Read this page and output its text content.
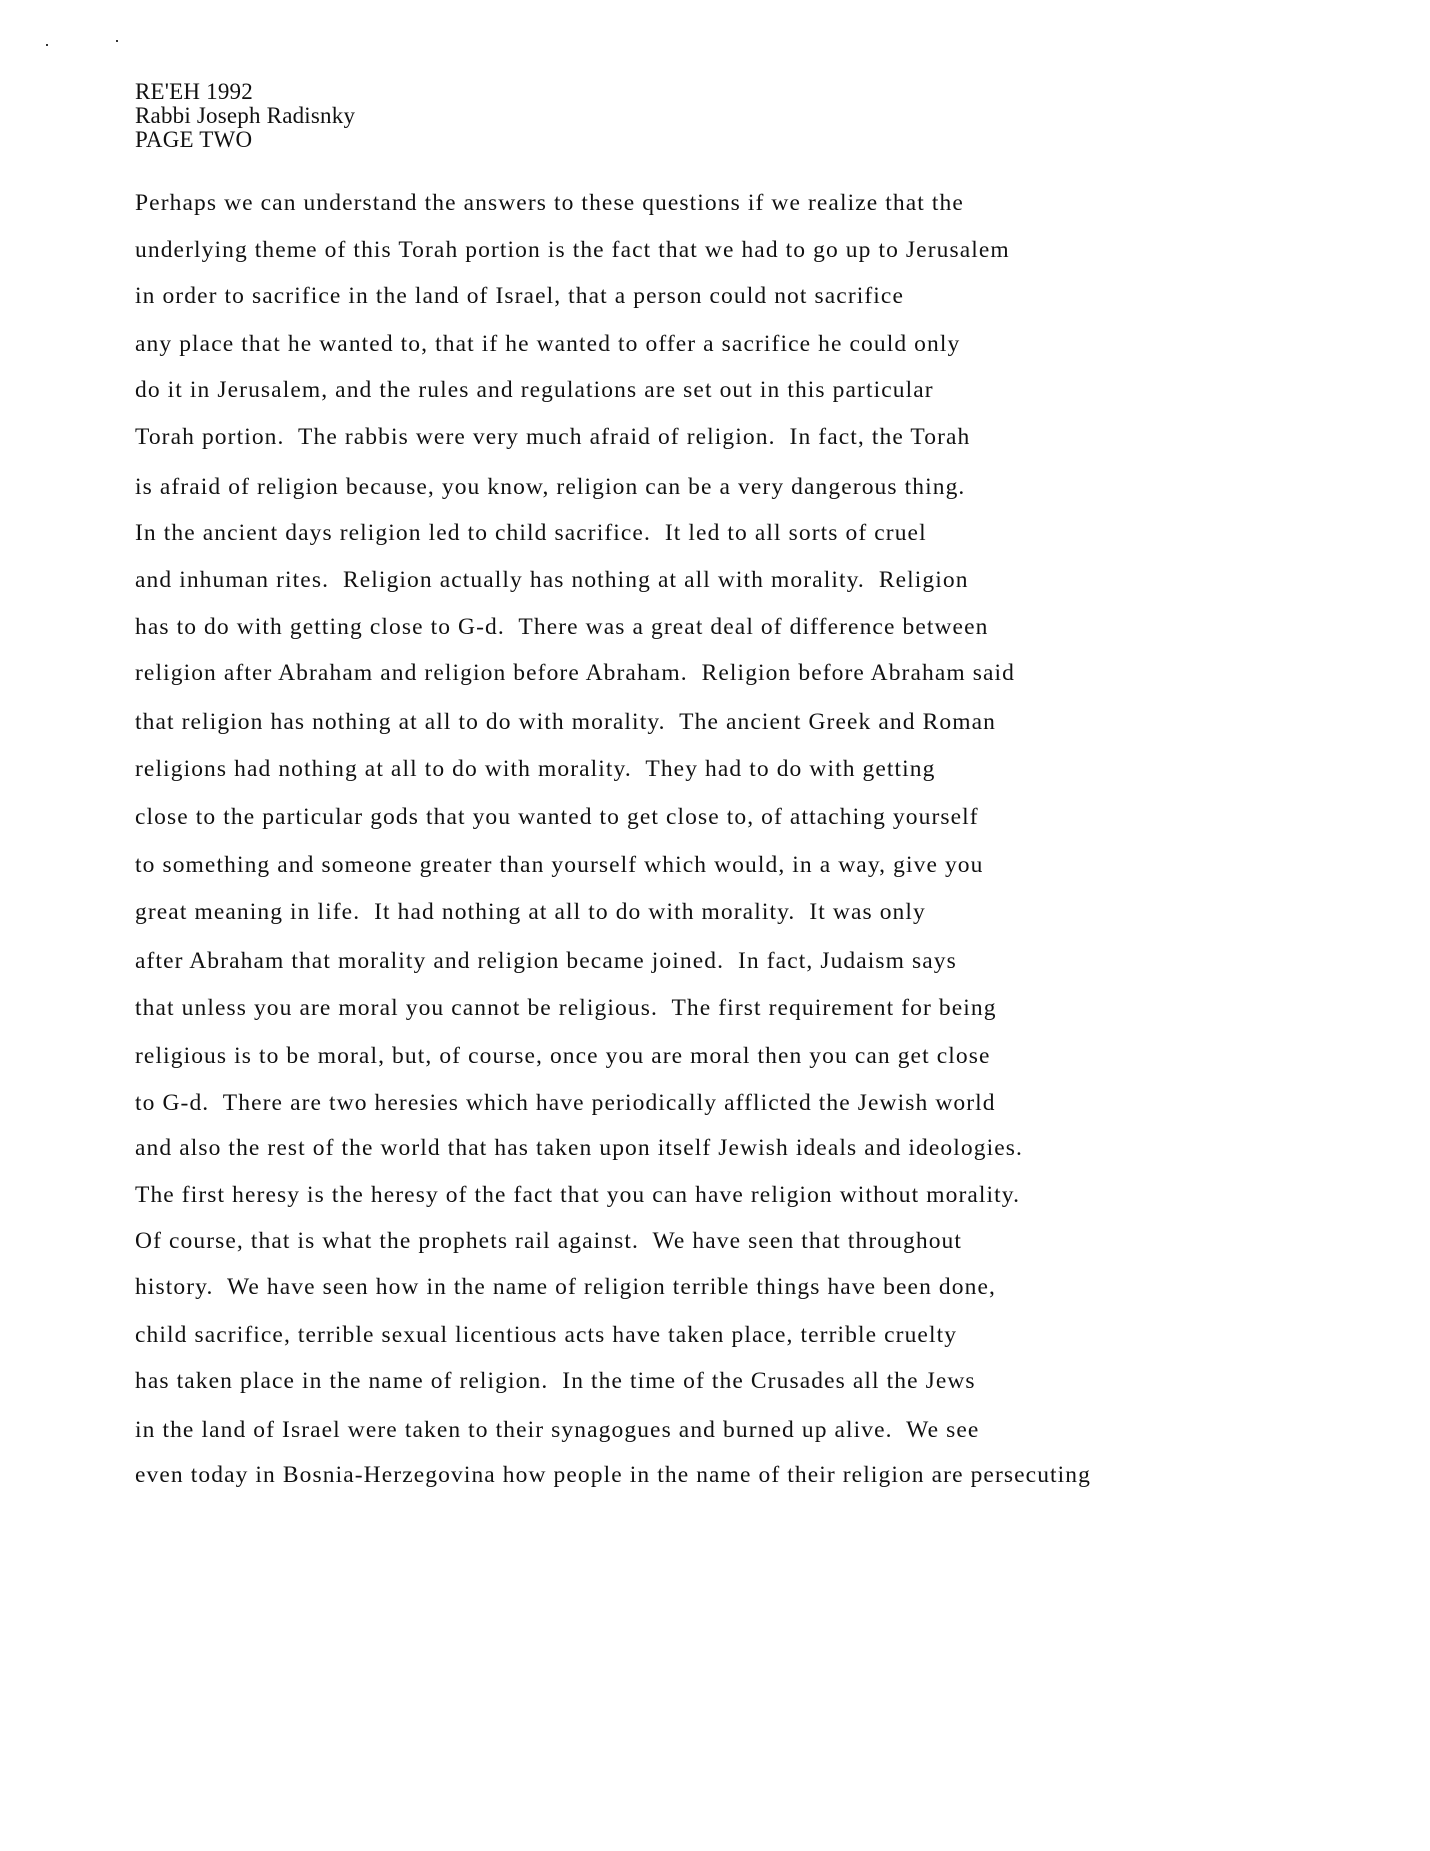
RE'EH 1992
Rabbi Joseph Radisnky
PAGE TWO
Perhaps we can understand the answers to these questions if we realize that the
underlying theme of this Torah portion is the fact that we had to go up to Jerusalem
in order to sacrifice in the land of Israel, that a person could not sacrifice
any place that he wanted to, that if he wanted to offer a sacrifice he could only
do it in Jerusalem, and the rules and regulations are set out in this particular
Torah portion.  The rabbis were very much afraid of religion.  In fact, the Torah
is afraid of religion because, you know, religion can be a very dangerous thing.
In the ancient days religion led to child sacrifice.  It led to all sorts of cruel
and inhuman rites.  Religion actually has nothing at all with morality.  Religion
has to do with getting close to G-d.  There was a great deal of difference between
religion after Abraham and religion before Abraham.  Religion before Abraham said
that religion has nothing at all to do with morality.  The ancient Greek and Roman
religions had nothing at all to do with morality.  They had to do with getting
close to the particular gods that you wanted to get close to, of attaching yourself
to something and someone greater than yourself which would, in a way, give you
great meaning in life.  It had nothing at all to do with morality.  It was only
after Abraham that morality and religion became joined.  In fact, Judaism says
that unless you are moral you cannot be religious.  The first requirement for being
religious is to be moral, but, of course, once you are moral then you can get close
to G-d.  There are two heresies which have periodically afflicted the Jewish world
and also the rest of the world that has taken upon itself Jewish ideals and ideologies.
The first heresy is the heresy of the fact that you can have religion without morality.
Of course, that is what the prophets rail against.  We have seen that throughout
history.  We have seen how in the name of religion terrible things have been done,
child sacrifice, terrible sexual licentious acts have taken place, terrible cruelty
has taken place in the name of religion.  In the time of the Crusades all the Jews
in the land of Israel were taken to their synagogues and burned up alive.  We see
even today in Bosnia-Herzegovina how people in the name of their religion are persecuting
